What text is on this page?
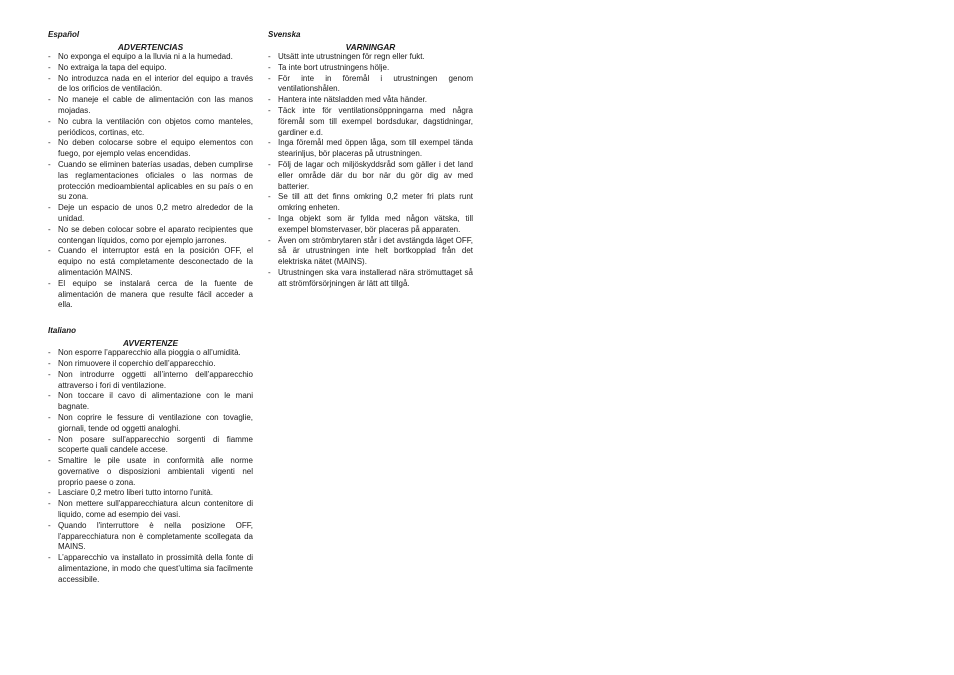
Español
ADVERTENCIAS
- No exponga el equipo a la lluvia ni a la humedad.
- No extraiga la tapa del equipo.
- No introduzca nada en el interior del equipo a través de los orificios de ventilación.
- No maneje el cable de alimentación con las manos mojadas.
- No cubra la ventilación con objetos como manteles, periódicos, cortinas, etc.
- No deben colocarse sobre el equipo elementos con fuego, por ejemplo velas encendidas.
- Cuando se eliminen baterías usadas, deben cumplirse las reglamentaciones oficiales o las normas de protección medioambiental aplicables en su país o en su zona.
- Deje un espacio de unos 0,2 metro alrededor de la unidad.
- No se deben colocar sobre el aparato recipientes que contengan líquidos, como por ejemplo jarrones.
- Cuando el interruptor está en la posición OFF, el equipo no está completamente desconectado de la alimentación MAINS.
- El equipo se instalará cerca de la fuente de alimentación de manera que resulte fácil acceder a ella.
Italiano
AVVERTENZE
- Non esporre l’apparecchio alla pioggia o all’umidità.
- Non rimuovere il coperchio dell’apparecchio.
- Non introdurre oggetti all’interno dell’apparecchio attraverso i fori di ventilazione.
- Non toccare il cavo di alimentazione con le mani bagnate.
- Non coprire le fessure di ventilazione con tovaglie, giornali, tende od oggetti analoghi.
- Non posare sull'apparecchio sorgenti di fiamme scoperte quali candele accese.
- Smaltire le pile usate in conformità alle norme governative o disposizioni ambientali vigenti nel proprio paese o zona.
- Lasciare 0,2 metro liberi tutto intorno l'unità.
- Non mettere sull'apparecchiatura alcun contenitore di liquido, come ad esempio dei vasi.
- Quando l'interruttore è nella posizione OFF, l'apparecchiatura non è completamente scollegata da MAINS.
- L’apparecchio va installato in prossimità della fonte di alimentazione, in modo che quest’ultima sia facilmente accessibile.
Svenska
VARNINGAR
- Utsätt inte utrustningen för regn eller fukt.
- Ta inte bort utrustningens hölje.
- För inte in föremål i utrustningen genom ventilationshålen.
- Hantera inte nätsladden med våta händer.
- Täck inte för ventilationsöppningarna med några föremål som till exempel bordsdukar, dagstidningar, gardiner e.d.
- Inga föremål med öppen låga, som till exempel tända stearinljus, bör placeras på utrustningen.
- Följ de lagar och miljöskyddsråd som gäller i det land eller område där du bor när du gör dig av med batterier.
- Se till att det finns omkring 0,2 meter fri plats runt omkring enheten.
- Inga objekt som är fyllda med någon vätska, till exempel blomstervaser, bör placeras på apparaten.
- Även om strömbrytaren står i det avstängda läget OFF, så är utrustningen inte helt bortkopplad från det elektriska nätet (MAINS).
- Utrustningen ska vara installerad nära strömuttaget så att strömförsörjningen är lätt att tillgå.
